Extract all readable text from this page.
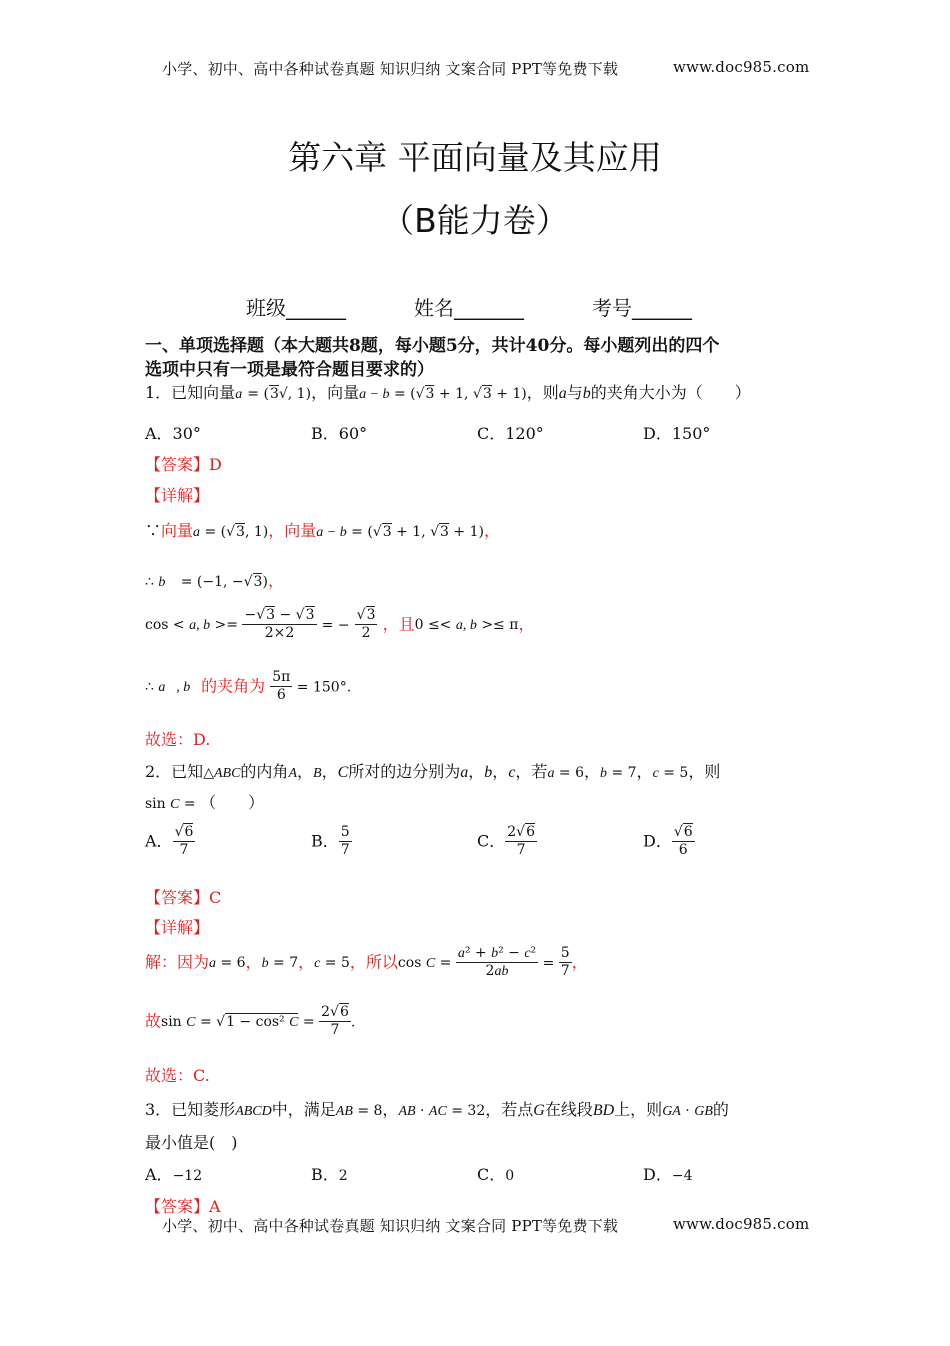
小学、初中、高中各种试卷真题 知识归纳 文案合同 PPT等免费下载	www.doc985.com
第六章 平面向量及其应用
（B能力卷）
班级______	姓名_______	考号______
一、单项选择题（本大题共8题，每小题5分，共计40分。每小题列出的四个
选项中只有一项是最符合题目要求的）
1．已知向量a = (3√, 1)，向量a − b = (√3 + 1, √3 + 1)，则a与b的夹角大小为（　　）
A．30°	B．60°	C．120°	D．150°
【答案】D
【详解】
∵向量a = (√3, 1)，向量a − b = (√3 + 1, √3 + 1)，
∴ b⃗ = (−1, −√3)，
cos < a, $b >= \frac{-√3 - √3}{2\times 2}$ = − $\frac{√3}{2}$ ，且0 ≤< a, b >≤ π，
∴ a⃗, b⃗的夹角为 $\frac{5\pi}{6} = 150^\circ$.
故选：D.
2．已知△ABC的内角A，B，C所对的边分别为a，b，c，若a = 6，b = 7，c = 5，则
sin C = （　　）
A． $\frac{√6}{7}$	B． $\frac{5}{7}$	C． $\frac{2√6}{7}$	D． $\frac{√6}{6}$
【答案】C
【详解】
解：因为a = 6，b = 7，c = 5，所以$\cos C = \frac{\text{a² + b² − c²}}{2ab} = \frac{5}{7}$ ，
故sin C = √1 − cos² $C = \frac{2√6}{7}$ .
故选：C.
3．已知菱形ABCD中，满足AB = 8，AB · AC = 32，若点G在线段BD上，则GA · GB的
最小值是(　)
A．−12	B．2	C．0	D．−4
【答案】A
小学、初中、高中各种试卷真题 知识归纳 文案合同 PPT等免费下载	www.doc985.com
